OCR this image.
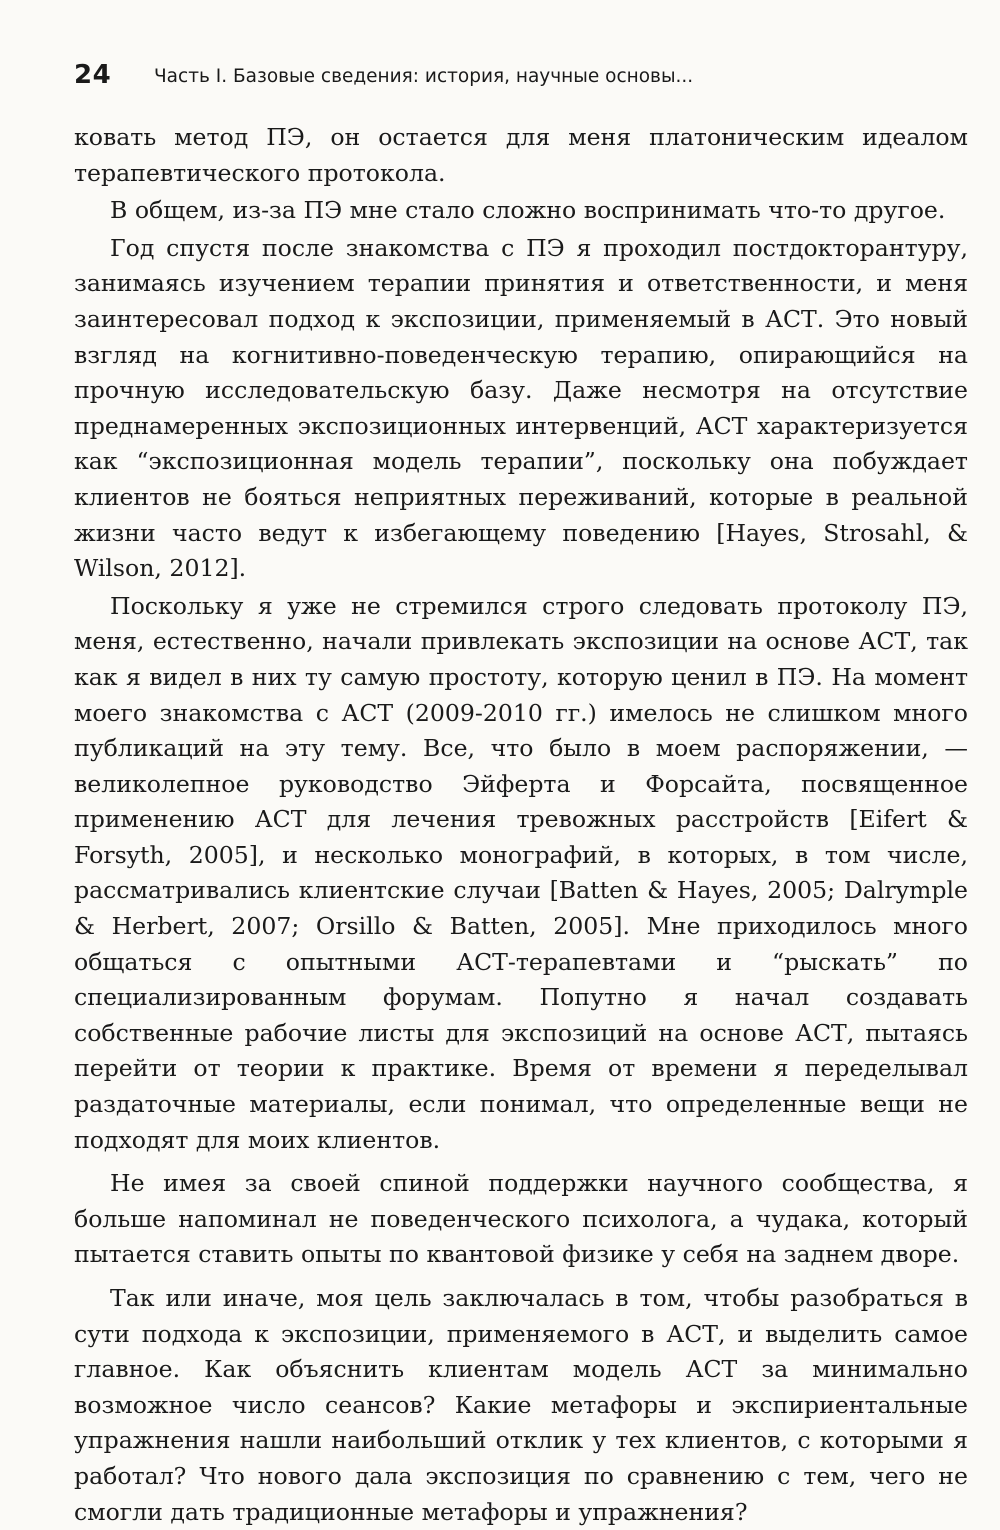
24 Часть I. Базовые сведения: история, научные основы...

ковать метод ПЭ, он остается для меня платоническим идеалом терапевтического протокола.

В общем, из-за ПЭ мне стало сложно воспринимать что-то другое.

Год спустя после знакомства с ПЭ я проходил постдокторантуру, занимаясь изучением терапии принятия и ответственности, и меня заинтересовал подход к экспозиции, применяемый в АСТ. Это новый взгляд на когнитивно-поведенческую терапию, опирающийся на прочную исследовательскую базу. Даже несмотря на отсутствие преднамеренных экспозиционных интервенций, АСТ характеризуется как “экспозиционная модель терапии”, поскольку она побуждает клиентов не бояться неприятных переживаний, которые в реальной жизни часто ведут к избегающему поведению [Hayes, Strosahl, & Wilson, 2012].

Поскольку я уже не стремился строго следовать протоколу ПЭ, меня, естественно, начали привлекать экспозиции на основе АСТ, так как я видел в них ту самую простоту, которую ценил в ПЭ. На момент моего знакомства с АСТ (2009-2010 гг.) имелось не слишком много публикаций на эту тему. Все, что было в моем распоряжении, — великолепное руководство Эйферта и Форсайта, посвященное применению АСТ для лечения тревожных расстройств [Eifert & Forsyth, 2005], и несколько монографий, в которых, в том числе, рассматривались клиентские случаи [Batten & Hayes, 2005; Dalrymple & Herbert, 2007; Orsillo & Batten, 2005]. Мне приходилось много общаться с опытными АСТ-терапевтами и “рыскать” по специализированным форумам. Попутно я начал создавать собственные рабочие листы для экспозиций на основе АСТ, пытаясь перейти от теории к практике. Время от времени я переделывал раздаточные материалы, если понимал, что определенные вещи не подходят для моих клиентов.

Не имея за своей спиной поддержки научного сообщества, я больше напоминал не поведенческого психолога, а чудака, который пытается ставить опыты по квантовой физике у себя на заднем дворе.

Так или иначе, моя цель заключалась в том, чтобы разобраться в сути подхода к экспозиции, применяемого в АСТ, и выделить самое главное. Как объяснить клиентам модель АСТ за минимально возможное число сеансов? Какие метафоры и экспириентальные упражнения нашли наибольший отклик у тех клиентов, с которыми я работал? Что нового дала экспозиция по сравнению с тем, чего не смогли дать традиционные метафоры и упражнения?
